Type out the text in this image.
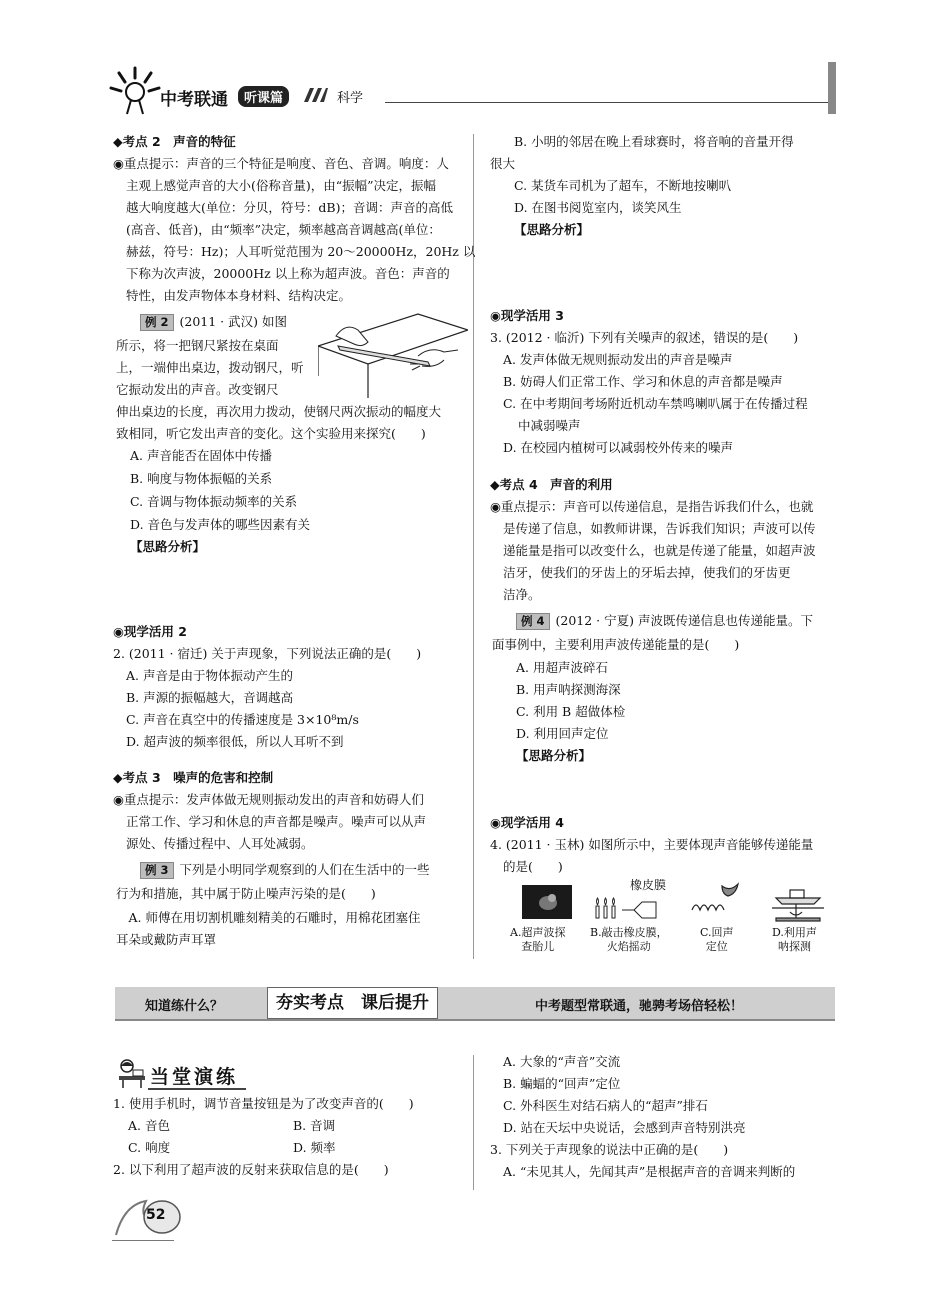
中考联通	听课篇	科学
◆考点 2　声音的特征
◉重点提示：声音的三个特征是响度、音色、音调。响度：人
主观上感觉声音的大小(俗称音量)，由“振幅”决定，振幅
越大响度越大(单位：分贝，符号：dB)；音调：声音的高低
(高音、低音)，由“频率”决定，频率越高音调越高(单位：
赫兹，符号：Hz)；人耳听觉范围为 20～20000Hz，20Hz 以
下称为次声波，20000Hz 以上称为超声波。音色：声音的
特性，由发声物体本身材料、结构决定。
例 2 (2011 · 武汉) 如图
所示，将一把钢尺紧按在桌面
上，一端伸出桌边，拨动钢尺，听
它振动发出的声音。改变钢尺
伸出桌边的长度，再次用力拨动，使钢尺两次振动的幅度大
致相同，听它发出声音的变化。这个实验用来探究(　　)
A. 声音能否在固体中传播
B. 响度与物体振幅的关系
C. 音调与物体振动频率的关系
D. 音色与发声体的哪些因素有关
【思路分析】
◉现学活用 2
2. (2011 · 宿迁) 关于声现象，下列说法正确的是(　　)
A. 声音是由于物体振动产生的
B. 声源的振幅越大，音调越高
C. 声音在真空中的传播速度是 3×10⁸m/s
D. 超声波的频率很低，所以人耳听不到
◆考点 3　噪声的危害和控制
◉重点提示：发声体做无规则振动发出的声音和妨碍人们
正常工作、学习和休息的声音都是噪声。噪声可以从声
源处、传播过程中、人耳处减弱。
例 3 下列是小明同学观察到的人们在生活中的一些
行为和措施，其中属于防止噪声污染的是(　　)
　A. 师傅在用切割机雕刻精美的石雕时，用棉花团塞住
耳朵或戴防声耳罩
B. 小明的邻居在晚上看球赛时，将音响的音量开得
很大
C. 某货车司机为了超车，不断地按喇叭
D. 在图书阅览室内，谈笑风生
【思路分析】
◉现学活用 3
3. (2012 · 临沂) 下列有关噪声的叙述，错误的是(　　)
A. 发声体做无规则振动发出的声音是噪声
B. 妨碍人们正常工作、学习和休息的声音都是噪声
C. 在中考期间考场附近机动车禁鸣喇叭属于在传播过程
中减弱噪声
D. 在校园内植树可以减弱校外传来的噪声
◆考点 4　声音的利用
◉重点提示：声音可以传递信息，是指告诉我们什么，也就
是传递了信息，如教师讲课，告诉我们知识；声波可以传
递能量是指可以改变什么，也就是传递了能量，如超声波
洁牙，使我们的牙齿上的牙垢去掉，使我们的牙齿更
洁净。
例 4 (2012 · 宁夏) 声波既传递信息也传递能量。下
面事例中，主要利用声波传递能量的是(　　)
A. 用超声波碎石
B. 用声呐探测海深
C. 利用 B 超做体检
D. 利用回声定位
【思路分析】
◉现学活用 4
4. (2011 · 玉林) 如图所示中，主要体现声音能够传递能量
的是(　　)
橡皮膜
A.超声波探
查胎儿
B.敲击橡皮膜，
火焰摇动
C.回声
定位
D.利用声
呐探测
知道练什么？	夯实考点　课后提升	中考题型常联通，驰骋考场倍轻松！
当堂演练
1. 使用手机时，调节音量按钮是为了改变声音的(　　)
A. 音色	B. 音调
C. 响度	D. 频率
2. 以下利用了超声波的反射来获取信息的是(　　)
A. 大象的“声音”交流
B. 蝙蝠的“回声”定位
C. 外科医生对结石病人的“超声”排石
D. 站在天坛中央说话，会感到声音特别洪亮
3. 下列关于声现象的说法中正确的是(　　)
A. “未见其人，先闻其声”是根据声音的音调来判断的
52
